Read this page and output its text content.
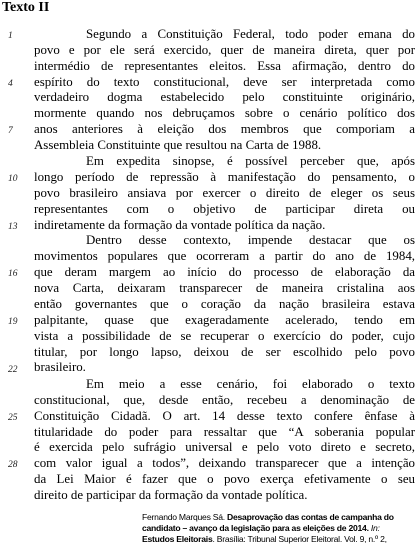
Texto II
Segundo a Constituição Federal, todo poder emana do
povo e por ele será exercido, quer de maneira direta, quer por
intermédio de representantes eleitos. Essa afirmação, dentro do
espírito do texto constitucional, deve ser interpretada como
verdadeiro dogma estabelecido pelo constituinte originário,
mormente quando nos debruçamos sobre o cenário político dos
anos anteriores à eleição dos membros que comporiam a
Assembleia Constituinte que resultou na Carta de 1988.
Em expedita sinopse, é possível perceber que, após
longo período de repressão à manifestação do pensamento, o
povo brasileiro ansiava por exercer o direito de eleger os seus
representantes com o objetivo de participar direta ou
indiretamente da formação da vontade política da nação.
Dentro desse contexto, impende destacar que os
movimentos populares que ocorreram a partir do ano de 1984,
que deram margem ao início do processo de elaboração da
nova Carta, deixaram transparecer de maneira cristalina aos
então governantes que o coração da nação brasileira estava
palpitante, quase que exageradamente acelerado, tendo em
vista a possibilidade de se recuperar o exercício do poder, cujo
titular, por longo lapso, deixou de ser escolhido pelo povo
brasileiro.
Em meio a esse cenário, foi elaborado o texto
constitucional, que, desde então, recebeu a denominação de
Constituição Cidadã. O art. 14 desse texto confere ênfase à
titularidade do poder para ressaltar que “A soberania popular
é exercida pelo sufrágio universal e pelo voto direto e secreto,
com valor igual a todos”, deixando transparecer que a intenção
da Lei Maior é fazer que o povo exerça efetivamente o seu
direito de participar da formação da vontade política.
1
4
7
10
13
16
19
22
25
28
Fernando Marques Sá. Desaprovação das contas de campanha do
candidato – avanço da legislação para as eleições de 2014. In:
Estudos Eleitorais. Brasília: Tribunal Superior Eleitoral. Vol. 9, n.º 2,
